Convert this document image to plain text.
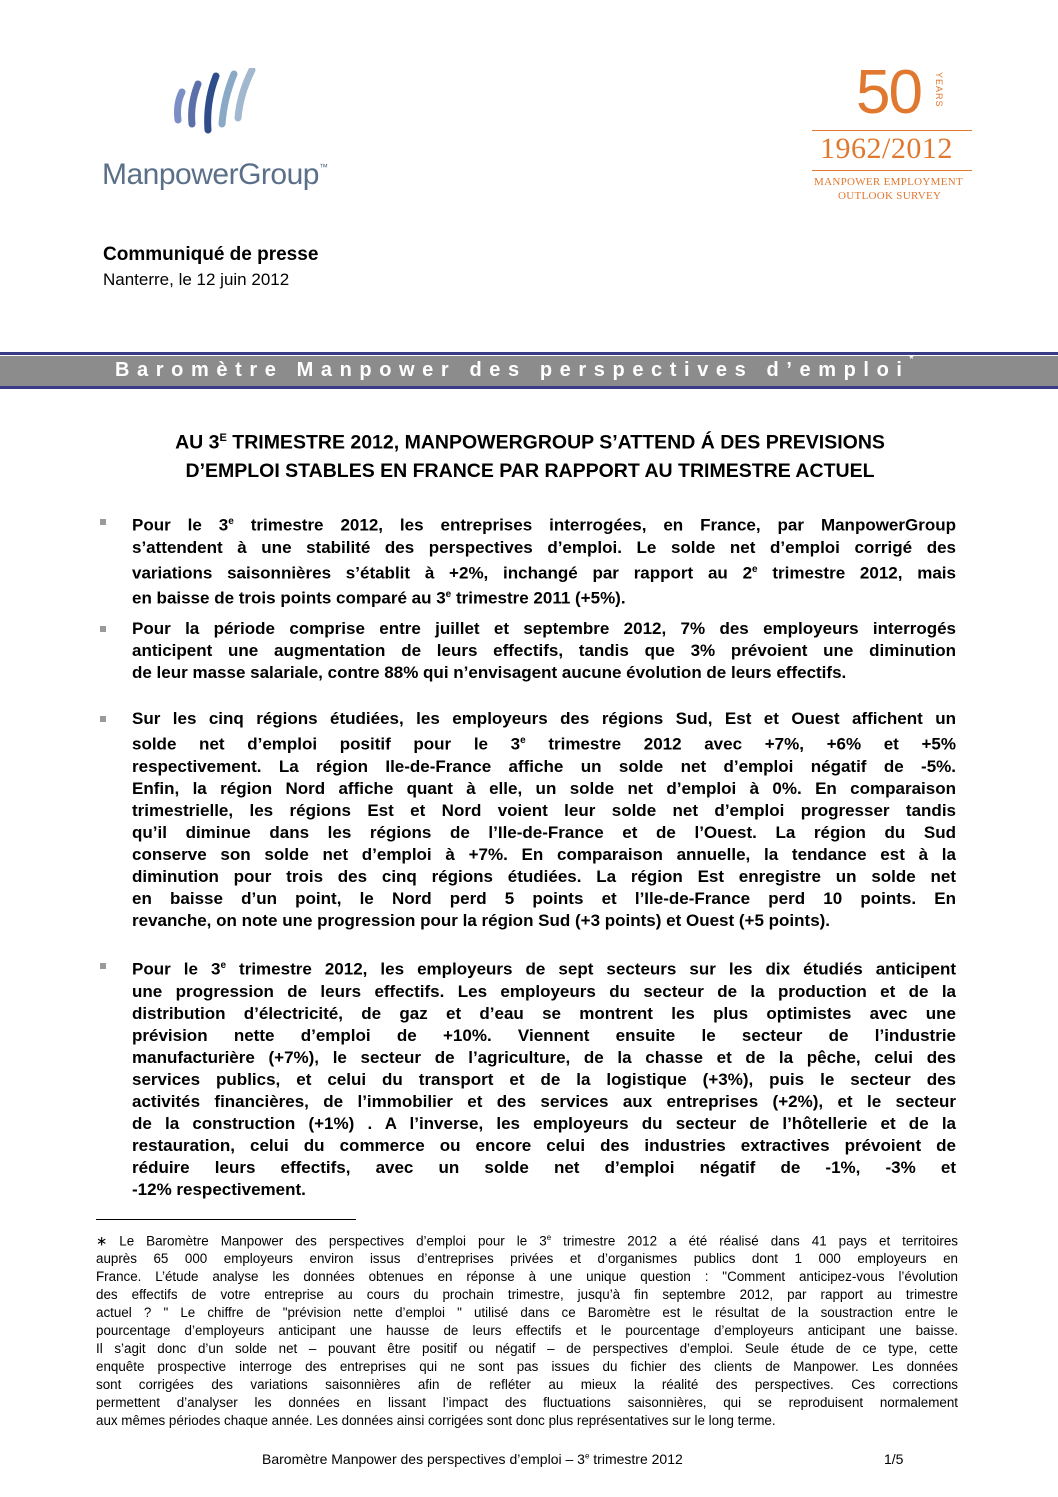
ManpowerGroup™
50 YEARS
1962/2012
MANPOWER EMPLOYMENT
OUTLOOK SURVEY
Communiqué de presse
Nanterre, le 12 juin 2012
Baromètre Manpower des perspectives d’emploi*
AU $3^E$ TRIMESTRE 2012, MANPOWERGROUP S’ATTEND Á DES PREVISIONS
D’EMPLOI STABLES EN FRANCE PAR RAPPORT AU TRIMESTRE ACTUEL
Pour le 3e trimestre 2012, les entreprises interrogées, en France, par ManpowerGroup
s’attendent à une stabilité des perspectives d’emploi. Le solde net d’emploi corrigé des
variations saisonnières s’établit à +2%, inchangé par rapport au 2e trimestre 2012, mais
en baisse de trois points comparé au 3e trimestre 2011 (+5%).
Pour la période comprise entre juillet et septembre 2012, 7% des employeurs interrogés
anticipent une augmentation de leurs effectifs, tandis que 3% prévoient une diminution
de leur masse salariale, contre 88% qui n’envisagent aucune évolution de leurs effectifs.
Sur les cinq régions étudiées, les employeurs des régions Sud, Est et Ouest affichent un
solde net d’emploi positif pour le 3e trimestre 2012 avec +7%, +6% et +5%
respectivement. La région Ile-de-France affiche un solde net d’emploi négatif de -5%.
Enfin, la région Nord affiche quant à elle, un solde net d’emploi à 0%. En comparaison
trimestrielle, les régions Est et Nord voient leur solde net d’emploi progresser tandis
qu’il diminue dans les régions de l’Ile-de-France et de l’Ouest. La région du Sud
conserve son solde net d’emploi à +7%. En comparaison annuelle, la tendance est à la
diminution pour trois des cinq régions étudiées. La région Est enregistre un solde net
en baisse d’un point, le Nord perd 5 points et l’Ile-de-France perd 10 points. En
revanche, on note une progression pour la région Sud (+3 points) et Ouest (+5 points).
Pour le 3e trimestre 2012, les employeurs de sept secteurs sur les dix étudiés anticipent
une progression de leurs effectifs. Les employeurs du secteur de la production et de la
distribution d’électricité, de gaz et d’eau se montrent les plus optimistes avec une
prévision nette d’emploi de +10%. Viennent ensuite le secteur de l’industrie
manufacturière (+7%), le secteur de l’agriculture, de la chasse et de la pêche, celui des
services publics, et celui du transport et de la logistique (+3%), puis le secteur des
activités financières, de l’immobilier et des services aux entreprises (+2%), et le secteur
de la construction (+1%) . A l’inverse, les employeurs du secteur de l’hôtellerie et de la
restauration, celui du commerce ou encore celui des industries extractives prévoient de
réduire leurs effectifs, avec un solde net d’emploi négatif de -1%, -3% et
-12% respectivement.
∗ Le Baromètre Manpower des perspectives d’emploi pour le 3e trimestre 2012 a été réalisé dans 41 pays et territoires
auprès 65 000 employeurs environ issus d’entreprises privées et d’organismes publics dont 1 000 employeurs en
France. L’étude analyse les données obtenues en réponse à une unique question : "Comment anticipez-vous l’évolution
des effectifs de votre entreprise au cours du prochain trimestre, jusqu’à fin septembre 2012, par rapport au trimestre
actuel ? " Le chiffre de "prévision nette d’emploi " utilisé dans ce Baromètre est le résultat de la soustraction entre le
pourcentage d’employeurs anticipant une hausse de leurs effectifs et le pourcentage d’employeurs anticipant une baisse.
Il s’agit donc d’un solde net – pouvant être positif ou négatif – de perspectives d’emploi. Seule étude de ce type, cette
enquête prospective interroge des entreprises qui ne sont pas issues du fichier des clients de Manpower. Les données
sont corrigées des variations saisonnières afin de refléter au mieux la réalité des perspectives. Ces corrections
permettent d’analyser les données en lissant l’impact des fluctuations saisonnières, qui se reproduisent normalement
aux mêmes périodes chaque année. Les données ainsi corrigées sont donc plus représentatives sur le long terme.
Baromètre Manpower des perspectives d’emploi – 3e trimestre 2012	1/5
